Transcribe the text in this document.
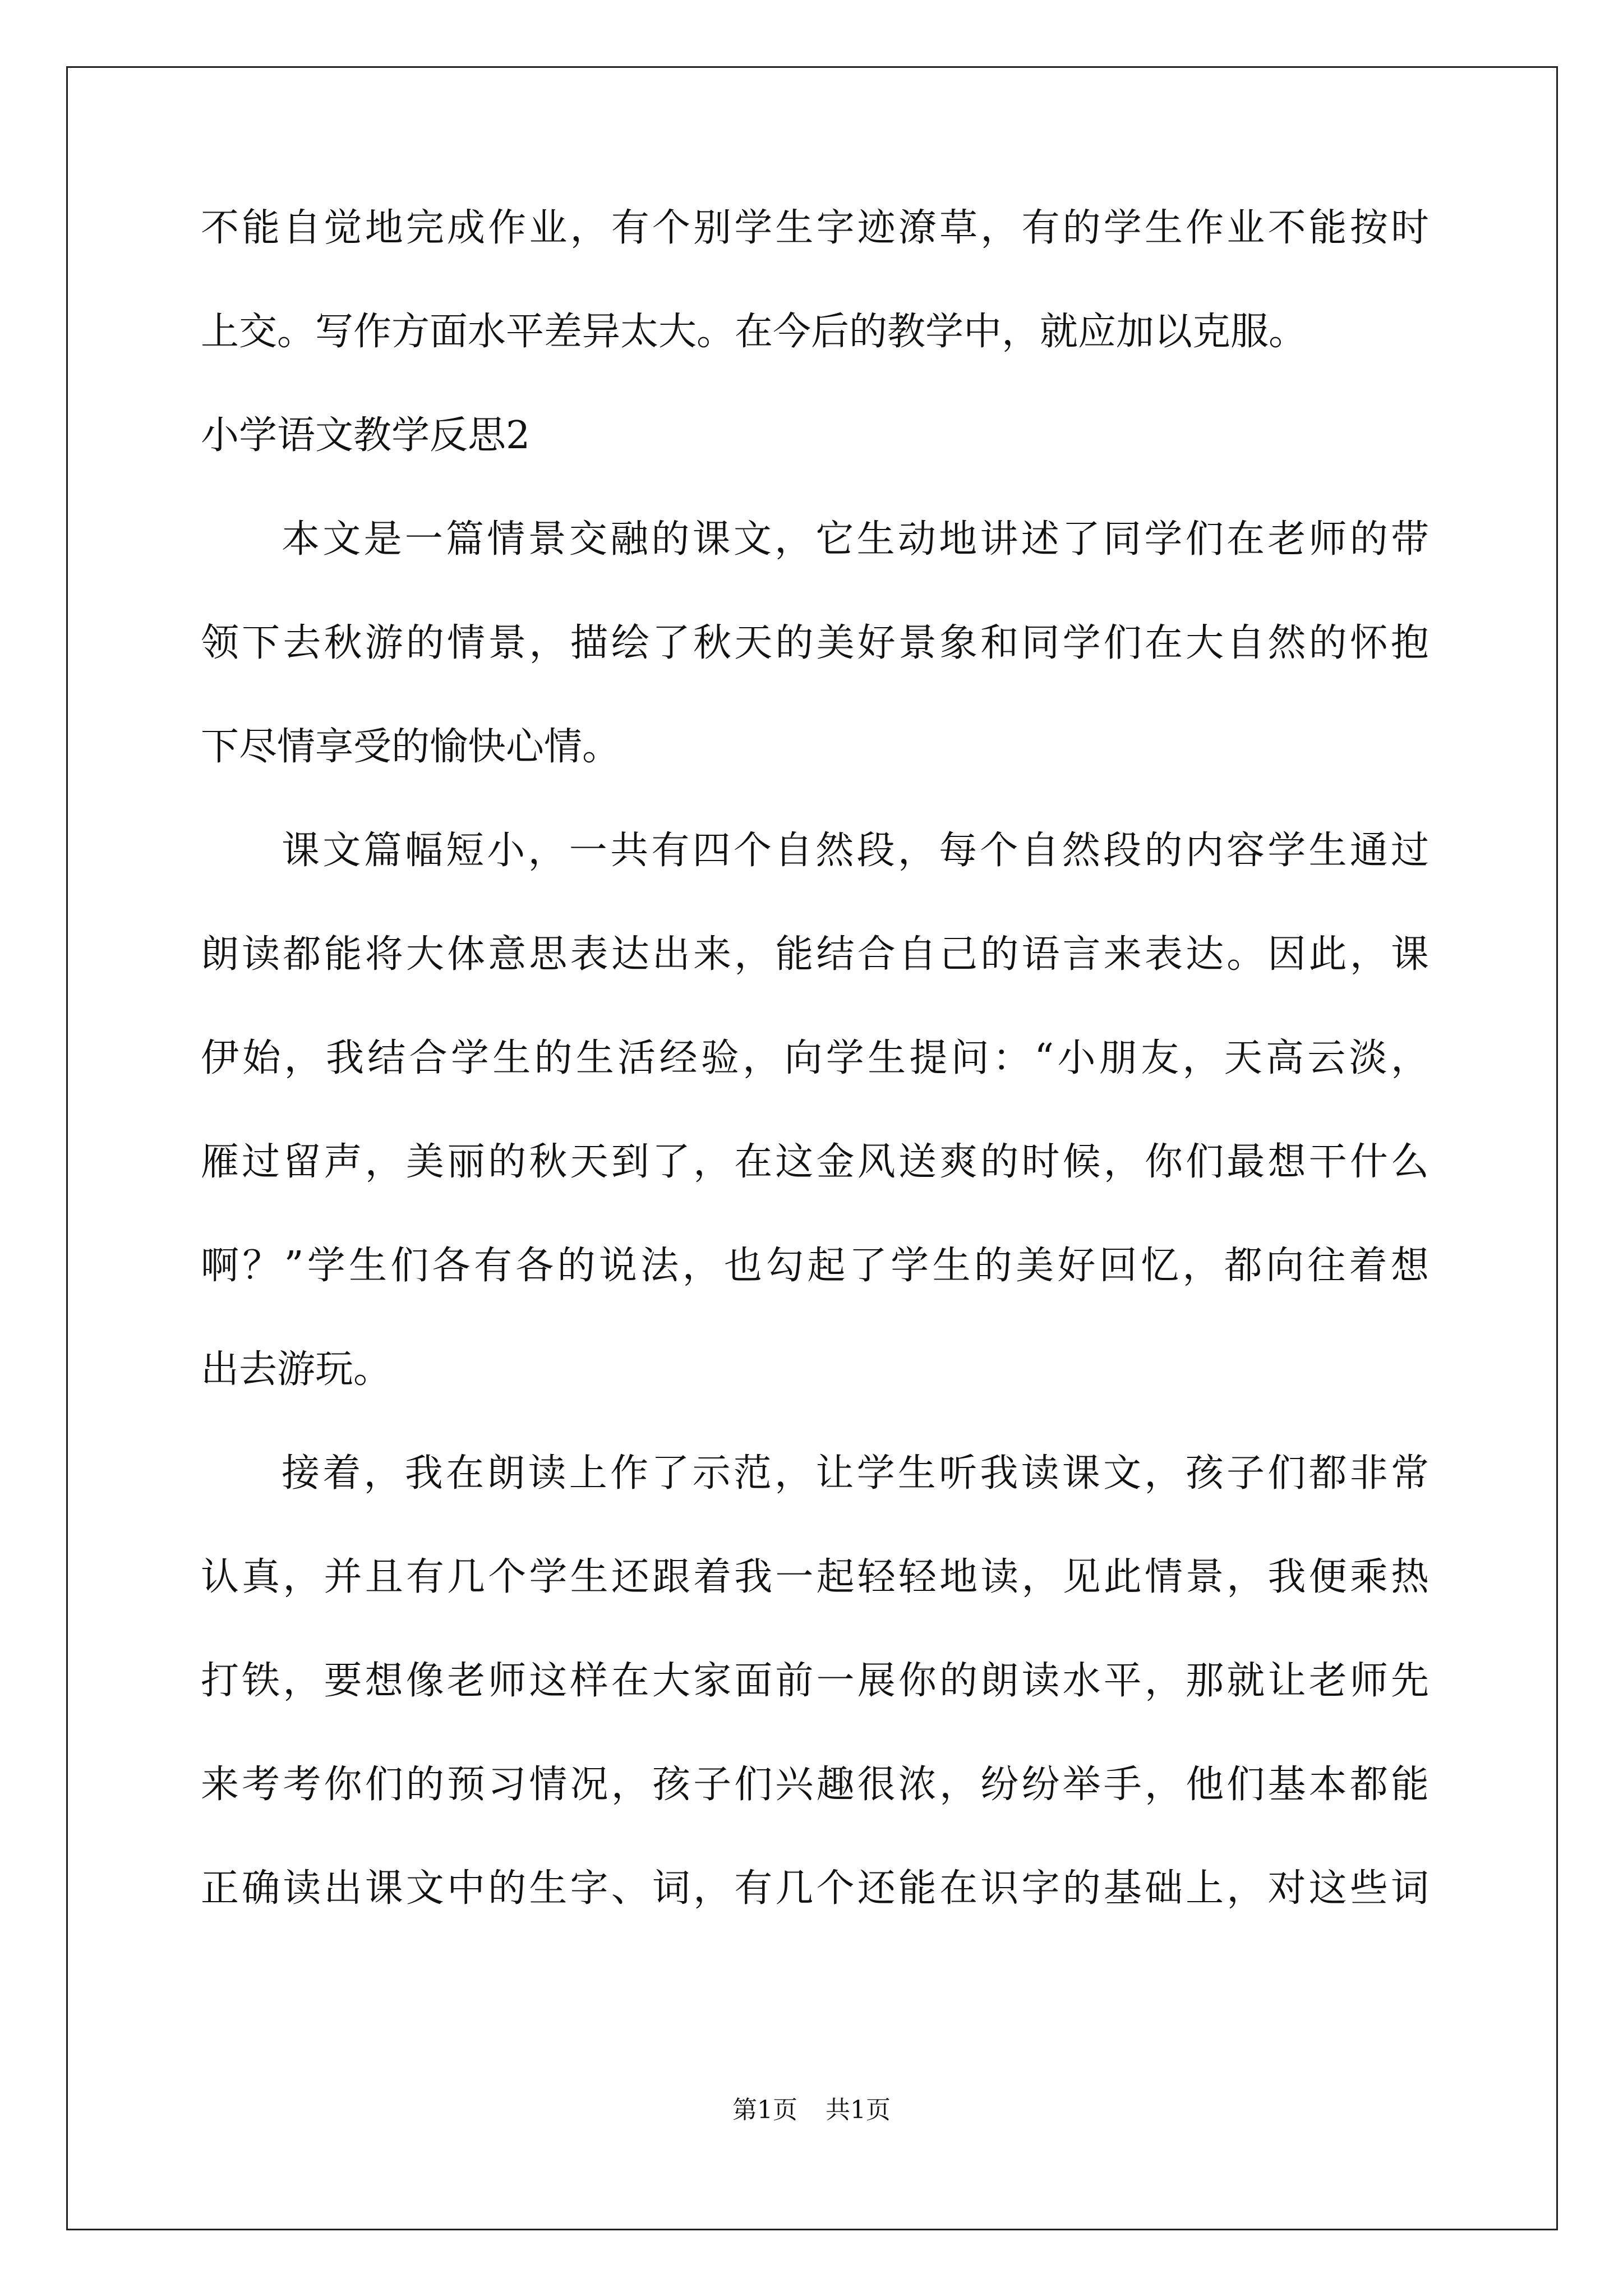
不能自觉地完成作业，有个别学生字迹潦草，有的学生作业不能按时
上交。写作方面水平差异太大。在今后的教学中，就应加以克服。
小学语文教学反思2
本文是一篇情景交融的课文，它生动地讲述了同学们在老师的带
领下去秋游的情景，描绘了秋天的美好景象和同学们在大自然的怀抱
下尽情享受的愉快心情。
课文篇幅短小，一共有四个自然段，每个自然段的内容学生通过
朗读都能将大体意思表达出来，能结合自己的语言来表达。因此，课
伊始，我结合学生的生活经验，向学生提问：“小朋友，天高云淡，
雁过留声，美丽的秋天到了，在这金风送爽的时候，你们最想干什么
啊？”学生们各有各的说法，也勾起了学生的美好回忆，都向往着想
出去游玩。
接着，我在朗读上作了示范，让学生听我读课文，孩子们都非常
认真，并且有几个学生还跟着我一起轻轻地读，见此情景，我便乘热
打铁，要想像老师这样在大家面前一展你的朗读水平，那就让老师先
来考考你们的预习情况，孩子们兴趣很浓，纷纷举手，他们基本都能
正确读出课文中的生字、词，有几个还能在识字的基础上，对这些词
第1页 共1页
